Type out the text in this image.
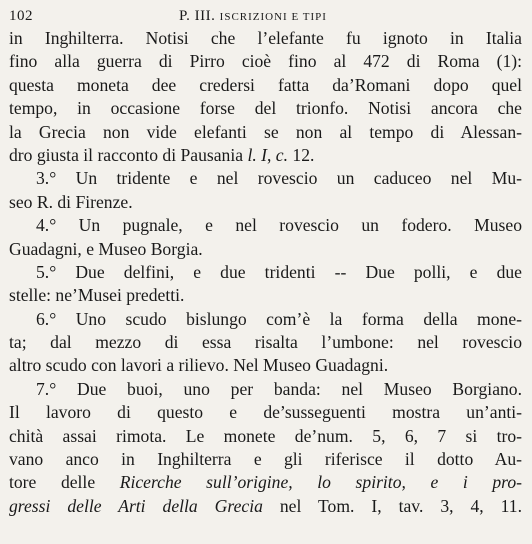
102	P. III. ISCRIZIONI E TIPI
in Inghilterra. Notisi che l’elefante fu ignoto in Italia
fino alla guerra di Pirro cioè fino al 472 di Roma (1):
questa moneta dee credersi fatta da’Romani dopo quel
tempo, in occasione forse del trionfo. Notisi ancora che
la Grecia non vide elefanti se non al tempo di Alessan-
dro giusta il racconto di Pausania l. I, c. 12.
3.° Un tridente e nel rovescio un caduceo nel Mu-
seo R. di Firenze.
4.° Un pugnale, e nel rovescio un fodero. Museo
Guadagni, e Museo Borgia.
5.° Due delfini, e due tridenti -- Due polli, e due
stelle: ne’Musei predetti.
6.° Uno scudo bislungo com’è la forma della mone-
ta; dal mezzo di essa risalta l’umbone: nel rovescio
altro scudo con lavori a rilievo. Nel Museo Guadagni.
7.° Due buoi, uno per banda: nel Museo Borgiano.
Il lavoro di questo e de’susseguenti mostra un’anti-
chità assai rimota. Le monete de’num. 5, 6, 7 si tro-
vano anco in Inghilterra e gli riferisce il dotto Au-
tore delle Ricerche sull’origine, lo spirito, e i pro-
gressi delle Arti della Grecia nel Tom. I, tav. 3, 4, 11.
